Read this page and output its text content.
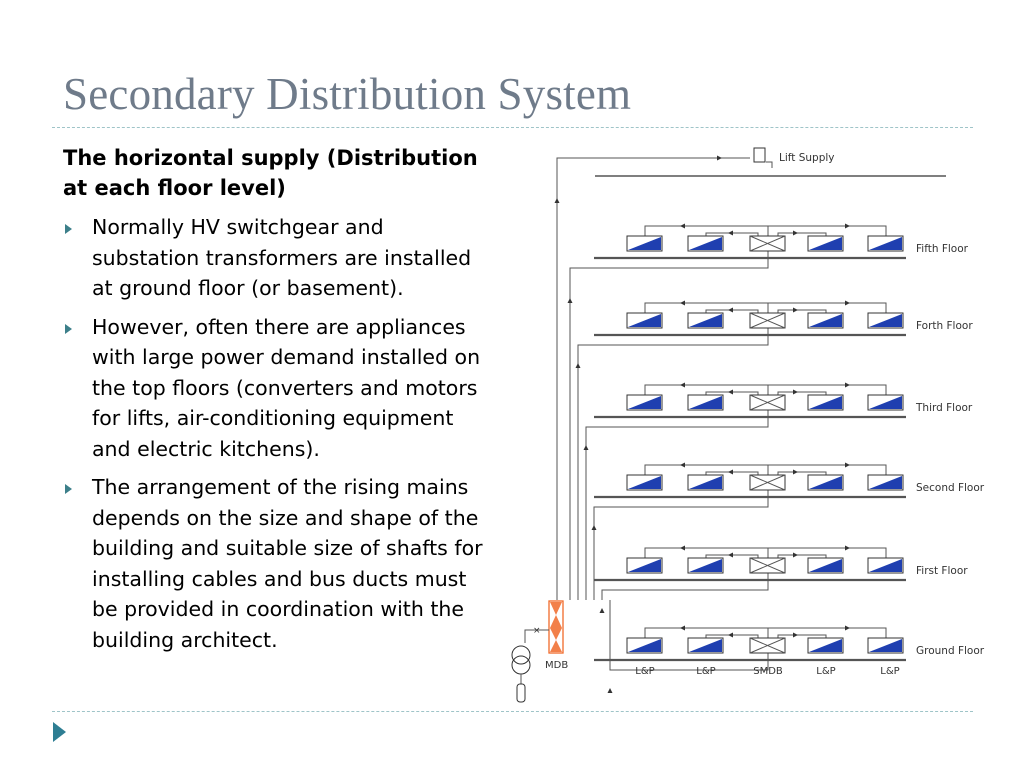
Secondary Distribution System
The horizontal supply (Distribution at each floor level)
Normally HV switchgear and substation transformers are installed at ground floor (or basement).
However, often there are appliances with large power demand installed on the top floors (converters and motors for lifts, air-conditioning equipment and electric kitchens).
The arrangement of the rising mains depends on the size and shape of the building and suitable size of shafts for installing cables and bus ducts must be provided in coordination with the building architect.
Lift Supply
Fifth Floor
Forth Floor
Third Floor
Second Floor
First Floor
Ground Floor
L&P	L&P	SMDB	L&P	L&P
MDB
×
